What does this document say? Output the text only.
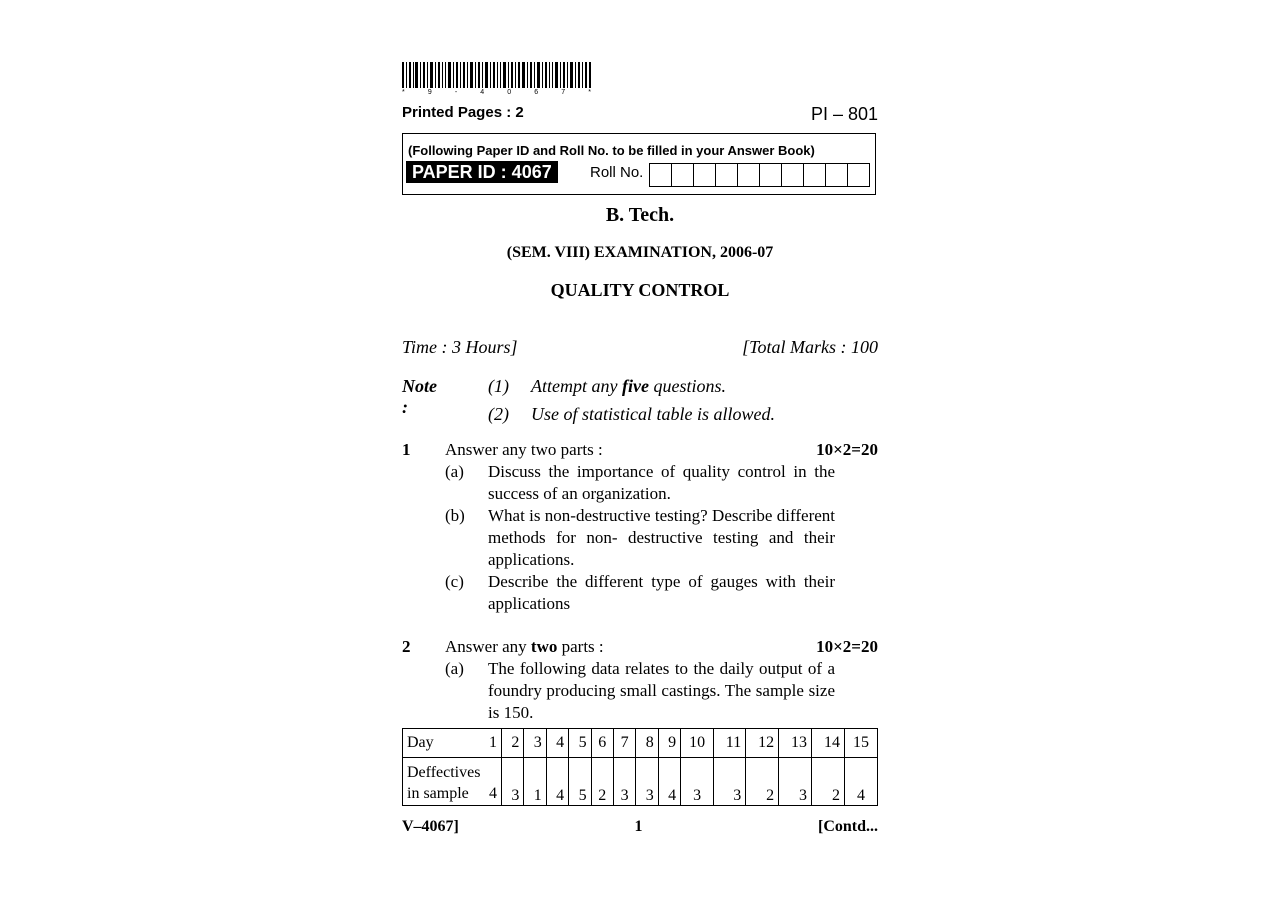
*	9	-	4	0	6	7	*
Printed Pages : 2	PI – 801
(Following Paper ID and Roll No. to be filled in your Answer Book)
PAPER ID : 4067	Roll No.
B. Tech.
(SEM. VIII) EXAMINATION, 2006-07
QUALITY CONTROL
Time : 3 Hours]	[Total Marks : 100
Note :
(1) Attempt any five questions.
(2) Use of statistical table is allowed.
1 Answer any two parts :	10×2=20
(a) Discuss the importance of quality control in the success of an organization.
(b) What is non-destructive testing? Describe different methods for non- destructive testing and their applications.
(c) Describe the different type of gauges with their applications
2 Answer any two parts :	10×2=20
(a) The following data relates to the daily output of a foundry producing small castings. The sample size is 150.
Day 1	2	3	4	5	6	7	8	9	10	11	12	13	14	15

Deffectives
in sample 4	3	1	4	5	2	3	3	4	3	3	2	3	2	4
V–4067]	1	[Contd...
